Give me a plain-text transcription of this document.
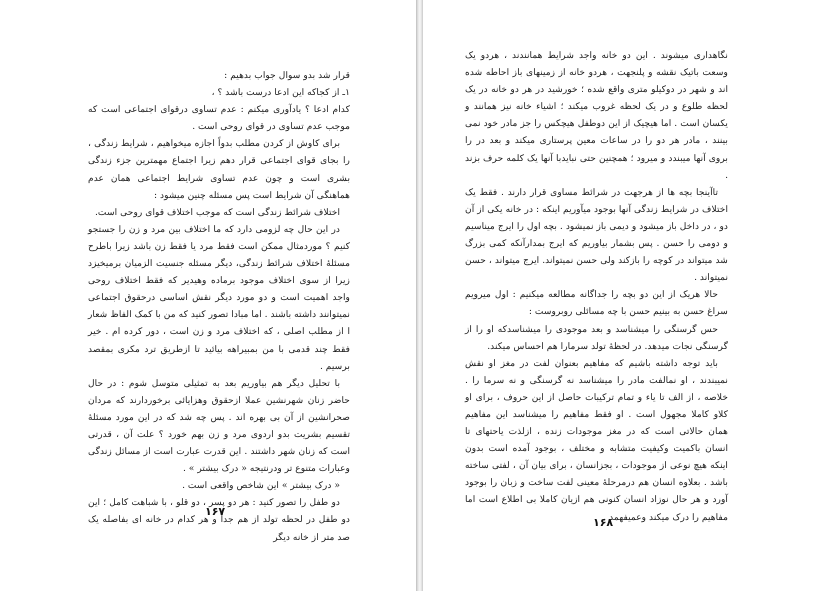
قرار شد بدو سوال جواب بدهیم :

۱ـ از کجاکه این ادعا درست باشد ؟ ،

کدام ادعا ؟ یادآوری میکنم : عدم تساوی درقوای اجتماعی است که موجب عدم تساوی در قوای روحی است .

برای کاوش از کردن مطلب بدواً اجازه میخواهیم ، شرایط زندگی ، را بجای قوای اجتماعی قرار دهم زیرا اجتماع مهمترین جزء زندگی بشری است و چون عدم تساوی شرایط اجتماعی همان عدم هماهنگی آن شرایط است پس مسئله چنین میشود :

اختلاف شرائط زندگی است که موجب اختلاف قوای روحی است.

در این حال چه لزومی دارد که ما اختلاف بین مرد و زن را جستجو کنیم ؟ موردمثال ممکن است فقط مرد یا فقط زن باشد زیرا باطرح مسئلهٔ اختلاف شرائط زندگی، دیگر مسئله جنسیت الزمیان برمیخیزد زیرا از سوی اختلاف موجود برماده وهیدیر که فقط اختلاف روحی واجد اهمیت است و دو مورد دیگر نقش اساسی درحقوق اجتماعی نمیتوانند داشته باشند . اما مبادا تصور کنید که من با کمک الفاظ شعار ا از مطلب اصلی ، که اختلاف مرد و زن است ، دور کرده ام . خیر فقط چند قدمی با من بمبیراهه بیائید تا ازطریق ترد مکری بمقصد برسیم .

با تحلیل دیگر هم بیاوریم بعد به تمثیلی متوسل شوم : در حال حاضر زنان شهرنشین عملا ازحقوق وهزایائی برخوردارند که مردان صحرانشین از آن بی بهره اند . پس چه شد که در این مورد مسئلهٔ تقسیم بشریت بدو اردوی مرد و زن بهم خورد ؟ علت آن ، قدرتی است که زنان شهر داشتند . این قدرت عبارت است از مسائل زندگی وعبارات متنوع تر ودرنتیجه « درک بیشتر » .

« درک بیشتر » این شاخص واقعی است .

دو طفل را تصور کنید : هر دو پسر ، دو قلو ، با شباهت کامل ؛ این دو طفل در لحظه تولد از هم جدا و هر کدام در خانه ای بفاصله یک صد متر از خانه دیگر

۱۶۷

نگاهداری میشوند . این دو خانه واجد شرایط همانندند ، هردو یک وسعت باتیک نقشه و پلنجهت ، هردو خانه از زمینهای باز احاطه شده اند و شهر در دوکیلو متری واقع شده ؛ خورشید در هر دو خانه در یک لحظه طلوع و در یک لحظه غروب میکند ؛ اشیاء خانه نیز همانند و یکسان است . اما هیچیک از این دوطفل هیچکس را جز مادر خود نمی بینند ، مادر هر دو را در ساعات معین پرستاری میکند و بعد در را بروی آنها میبندد و میرود ؛ همچنین حتی نبایدبا آنها یک کلمه حرف بزند .

تاآینجا بچه ها از هرجهت در شرائط مساوی قرار دارند . فقط یک اختلاف در شرایط زندگی آنها بوجود میآوریم اینکه : در خانه یکی از آن دو ، در داخل باز میشود و دیمی باز نمیشود . بچه اول را ایرج میناسیم و دومی را حسن . پس بشمار بیاوریم که ایرج بمدارآنکه کمی بزرگ شد میتواند در کوچه را بازکند ولی حسن نمیتواند. ایرج میتواند ، حسن نمیتواند .

حالا هریک از این دو بچه را جداگانه مطالعه میکنیم : اول میرویم سراغ حسن به بینیم حسن با چه مسائلی روبروست :

حس گرسنگی را میشناسد و بعد موجودی را میشناسدکه او را از گرسنگی نجات میدهد. در لحظهٔ تولد سرمارا هم احساس میکند.

باید توجه داشته باشیم که مفاهیم بعنوان لفت در مغز او نقش نمیبندند ، او نمالفت مادر را میشناسد نه گرسنگی و نه سرما را . خلاصه ، از الف تا یاء و تمام ترکیبات حاصل از این حروف ، برای او کلاو کاملا مجهول است . او فقط مفاهیم را میشناسد این مفاهیم همان حالاتی است که در مغز موجودات زنده ، ازلذت یاحتهای تا انسان باکمیت وکیفیت متشابه و مختلف ، بوجود آمده است بدون اینکه هیچ نوعی از موجودات ، بجزانسان ، برای بیان آن ، لفتی ساخته باشد . بعلاوه انسان هم درمرحلهٔ معینی لفت ساخت و زبان را بوجود آورد و هر حال نوزاد انسان کنونی هم ازیان کاملا بی اطلاع است اما مفاهیم را درک میکند وعمیفهمد .

۱۶۸
